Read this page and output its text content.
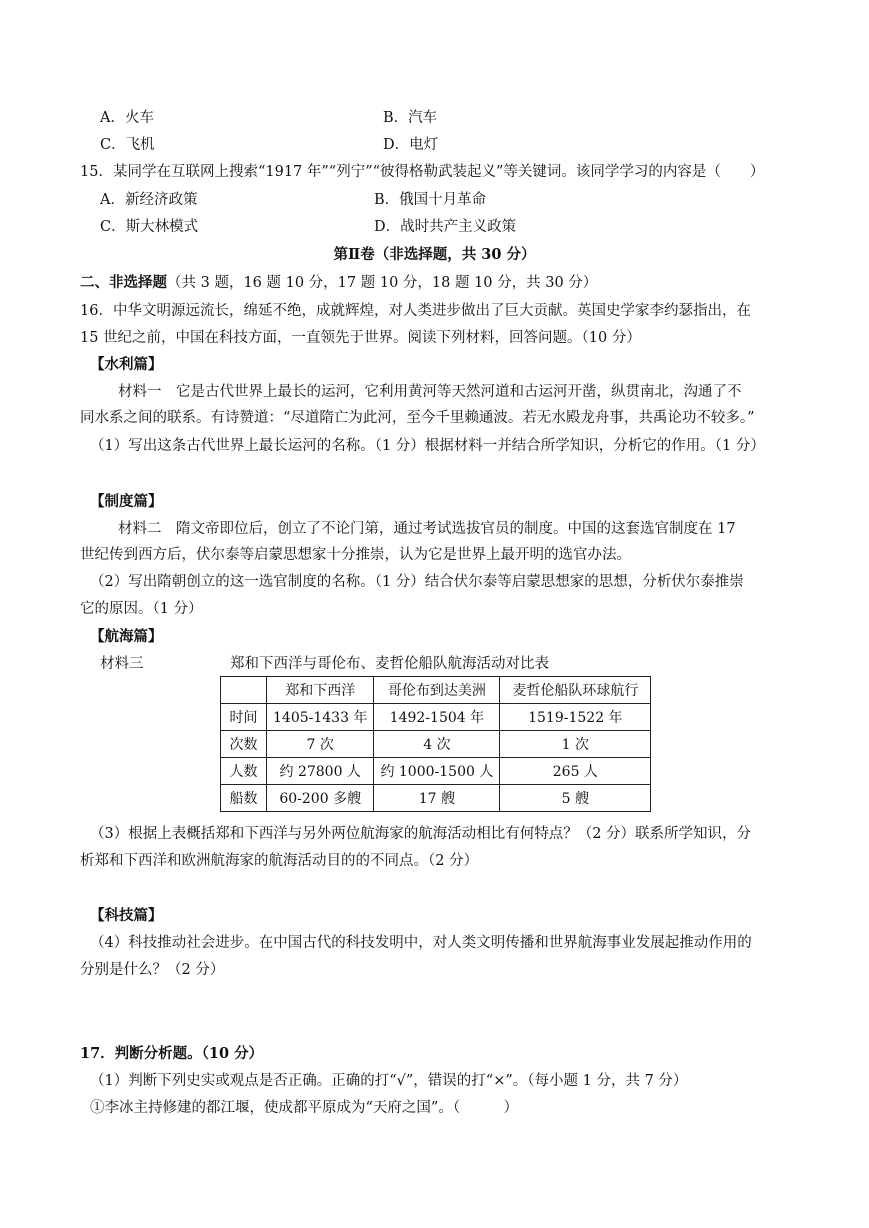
A．火车	B．汽车
C．飞机	D．电灯
15．某同学在互联网上搜索“1917 年”“列宁”“彼得格勒武装起义”等关键词。该同学学习的内容是（　　）
A．新经济政策	B．俄国十月革命
C．斯大林模式	D．战时共产主义政策
第Ⅱ卷（非选择题，共 30 分）
二、非选择题（共 3 题，16 题 10 分，17 题 10 分，18 题 10 分，共 30 分）
16．中华文明源远流长，绵延不绝，成就辉煌，对人类进步做出了巨大贡献。英国史学家李约瑟指出，在
15 世纪之前，中国在科技方面，一直领先于世界。阅读下列材料，回答问题。（10 分）
【水利篇】
材料一　它是古代世界上最长的运河，它利用黄河等天然河道和古运河开凿，纵贯南北，沟通了不
同水系之间的联系。有诗赞道：“尽道隋亡为此河，至今千里赖通波。若无水殿龙舟事，共禹论功不较多。”
（1）写出这条古代世界上最长运河的名称。（1 分）根据材料一并结合所学知识，分析它的作用。（1 分）
【制度篇】
材料二　隋文帝即位后，创立了不论门第，通过考试选拔官员的制度。中国的这套选官制度在 17
世纪传到西方后，伏尔泰等启蒙思想家十分推崇，认为它是世界上最开明的选官办法。
（2）写出隋朝创立的这一选官制度的名称。（1 分）结合伏尔泰等启蒙思想家的思想，分析伏尔泰推崇
它的原因。（1 分）
【航海篇】
材料三	郑和下西洋与哥伦布、麦哲伦船队航海活动对比表
	郑和下西洋	哥伦布到达美洲	麦哲伦船队环球航行
时间	1405-1433 年	1492-1504 年	1519-1522 年
次数	7 次	4 次	1 次
人数	约 27800 人	约 1000-1500 人	265 人
船数	60-200 多艘	17 艘	5 艘
（3）根据上表概括郑和下西洋与另外两位航海家的航海活动相比有何特点？（2 分）联系所学知识，分
析郑和下西洋和欧洲航海家的航海活动目的的不同点。（2 分）
【科技篇】
（4）科技推动社会进步。在中国古代的科技发明中，对人类文明传播和世界航海事业发展起推动作用的
分别是什么？（2 分）
17．判断分析题。（10 分）
（1）判断下列史实或观点是否正确。正确的打“√”，错误的打“×”。（每小题 1 分，共 7 分）
①李冰主持修建的都江堰，使成都平原成为“天府之国”。（　　　）
